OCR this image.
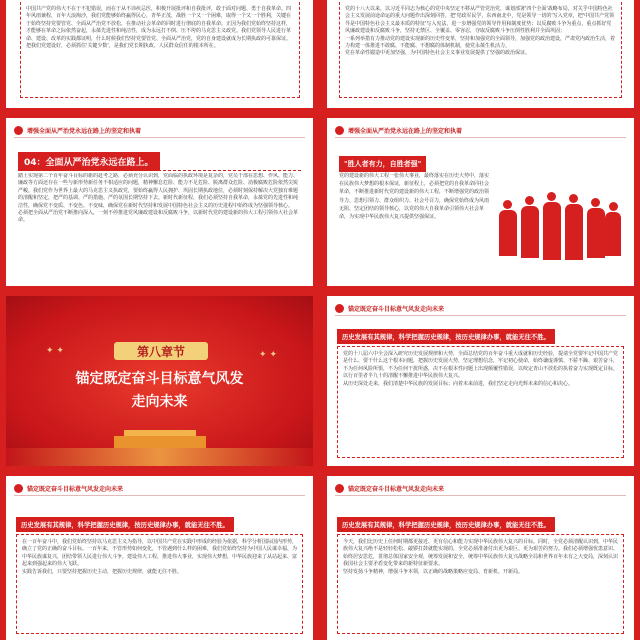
中国共产党的伟大不在于不犯错误，而在于从不讳疾忌医，积极开展批评和自我批评，敢于面对问题、勇于自我革命。四年风雨兼程，百年大浪淘沙，我们党能够始终赢得民心，青华正茂，战胜一个又一个困难，取得一个又一个胜利，关键在于始终坚持党要管党、全面从严治党不放松，在推动社会革命的同时进行彻底的自我革命。正因为我们党始终坚持这样，才能够在革命之际依然奋起，永葆先进性和纯洁性，成为永远打不倒、压不垮的马克思主义政党。我们党领导人民进行革命、建设、改革的实践都证明，什么时候我们坚持党要管党、全面从严治党，党的自身建设就成为长期执政的可靠保证。把我们党建设好，必须抓住'关键少数'，是我们党长期执政、人民群众信任的根本所在。

党的十八大以来，以习近平同志为核心的党中央坚定不移从严管党治党，谋划部署'四个全面'战略布局，对关乎中国特色社会主义发展前途命运的重大问题作出深刻回答，把'党政军民学，东西南北中，党是领导一切的'写入党章，把'中国共产党领导是中国特色社会主义最本质的特征'写入宪法，进一步增强党的领导作用和制度优势；以反腐败斗争为重点，重点抓好党风廉政建设和反腐败斗争，坚持无禁区、全覆盖、零容忍，夺取反腐败斗争压倒性胜利并全面巩固；

一系列举措有力推动党的建设实现新的历史性变革，坚持和加强党的全面领导，加强党的政治建设，严肃党内政治生活，着力构建一体推进不敢腐、不能腐、不想腐的体制机制，使党永葆生机活力。

党在革命性锻造中更加坚强，为中国特色社会主义事业发展提供了坚强的政治保证。

增强全面从严治党永远在路上的坚定和执着
04：全面从严治党永远在路上。

踏上实现第二个百年奋斗目标的新的赶考之路，必须充分认识到，党面临的执政环境是复杂的，党员干部在思想、作风、能力、廉政等方面还存在一些与新形势新任务不相适应的问题，精神懈怠危险、能力不足危险、脱离群众危险、消极腐败危险依然尖锐严峻。我们党作为世界上最大的马克思主义执政党，要始终赢得人民拥护、巩固长期执政地位，必须时刻保持解决大党独有难题的清醒和坚定，把严的基调、严的措施、严的氛围长期坚持下去。新时代新征程，我们必须坚持自我革命，永葆党的先进性和纯洁性，确保党不变质、不变色、不变味，确保党在新时代坚持和发展中国特色社会主义的历史进程中始终成为坚强领导核心。

必须把全面从严治党不断推向深入，一刻不停推进党风廉政建设和反腐败斗争，以新时代党的建设新的伟大工程引领伟大社会革命。

增强全面从严治党永远在路上的坚定和执着
"胜人者有力，自胜者强"

党的建设新的伟大工程一张伟大事业，最终落实在历史大势中，落实在民族伟大梦想的根本保证，新征程上，必须把党的自我革命同社会革命，不断推进新时代党的建设新的伟大工程，不断增强党的政治领导力、思想引领力、群众组织力、社会号召力，确保党始终成为风雨无阻、坚定团结的领导核心，以党的伟大自我革命引领伟大社会革命，为实现中华民族伟大复兴提供坚强保证。

第八章节
锚定既定奋斗目标意气风发
走向未来
✦ ✦	✦ ✦
锚定既定奋斗目标意气风发走向未来
历史发展有其规律，科学把握历史规律，按历史规律办事，就能无往不胜。

党的十八届六中全会深入研究历史发展规律和大势，全面总结党的百年奋斗重大成就和历史经验，提请全党要牢记中国共产党是什么、要干什么这个根本问题，把握历史发展大势，坚定理想信念，牢记初心使命，始终谦虚谨慎、不骄不躁、艰苦奋斗，不为任何风险所惧，不为任何干扰所惑，决不在根本性问题上出现颠覆性错误，以咬定青山不放松的执着奋力实现既定目标，以行百里者半九十的清醒不懈推进中华民族伟大复兴。

从历史深处走来，我们清楚中华民族的发展目标；向着未来前进，我们坚定走向光辉未来的信心和决心。

锚定既定奋斗目标意气风发走向未来
历史发展有其规律，科学把握历史规律，按历史规律办事，就能无往不胜。

在一百年奋斗中，我们党始终坚持以马克思主义为指导，以中国共产党在实践中形成的经验为依据，科学分析国际国内形势，确立了党的正确的奋斗目标。一百年来，不管形势如何变化，不管遇到什么样的困难，我们党始终坚持为中国人民谋幸福、为中华民族谋复兴，团结带领人民进行伟大斗争，建设伟大工程，推进伟大事业，实现伟大梦想，中华民族迎来了从站起来、富起来到强起来的伟大飞跃。

实践告诉我们，只要坚持把握历史主动，把握历史规律，就能无往不胜。

锚定既定奋斗目标意气风发走向未来
历史发展有其规律，科学把握历史规律，按历史规律办事，就能无往不胜。

今天，我们比历史上任何时期都更接近、更有信心和能力实现中华民族伟大复兴的目标。同时，全党必须清醒认识到，中华民族伟大复兴绝不是轻轻松松、敲锣打鼓就能实现的，全党必须准备付出更为艰巨、更为艰苦的努力。我们必须增强忧患意识、始终居安思危，贯彻总体国家安全观，统筹发展和安全，统筹中华民族伟大复兴战略全局和世界百年未有之大变局，深刻认识我国社会主要矛盾变化带来的新特征新要求。

坚持发扬斗争精神，增强斗争本领，以正确的战略策略应变局、育新机、开新局。
